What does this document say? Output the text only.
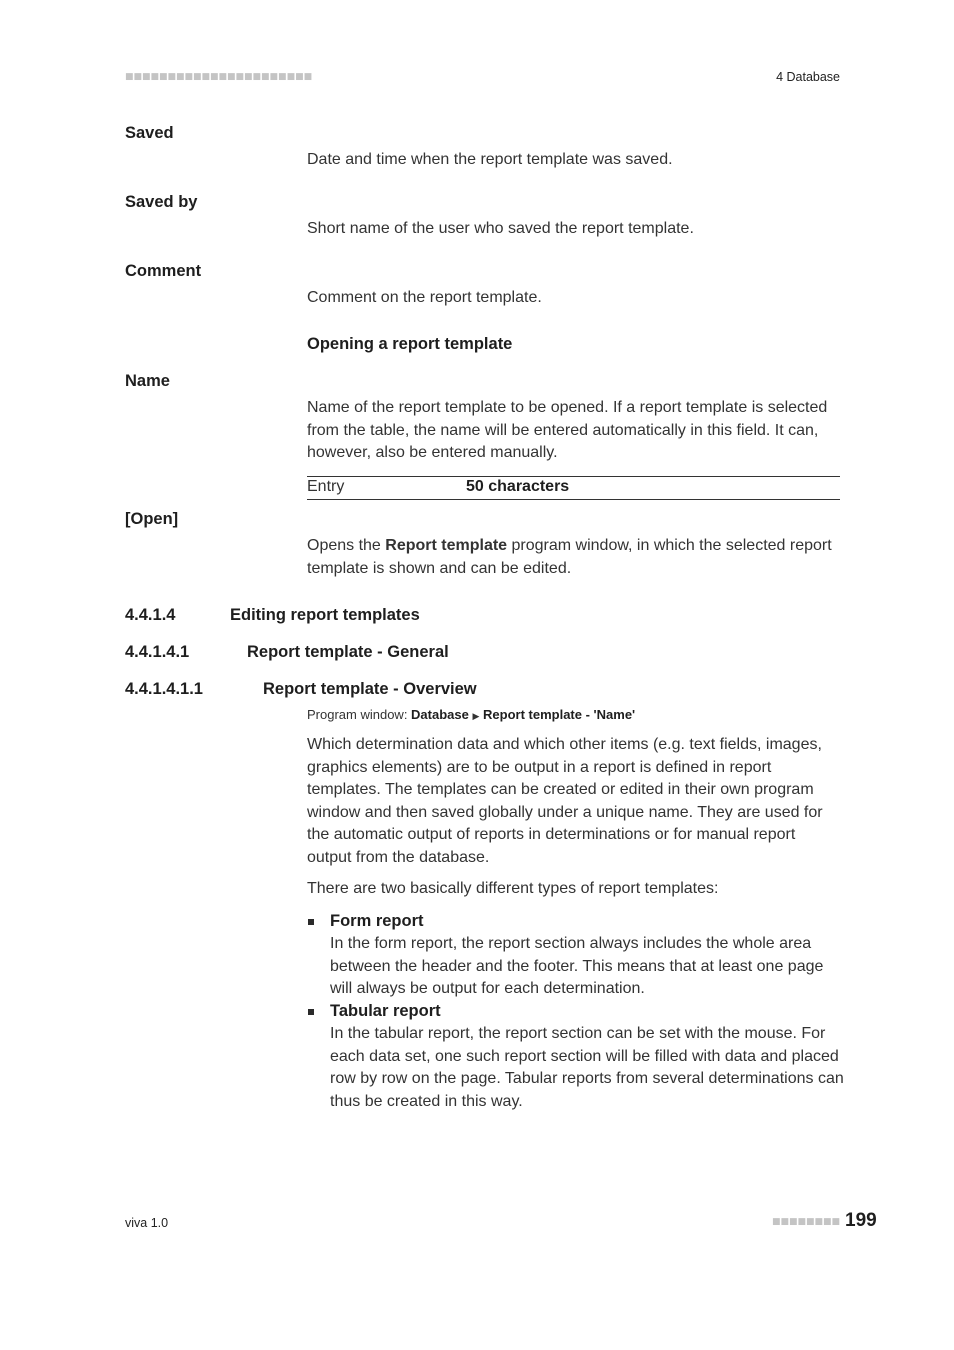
■■■■■■■■■■■■■■■■■■■■■■	4 Database
Saved
Date and time when the report template was saved.
Saved by
Short name of the user who saved the report template.
Comment
Comment on the report template.
Opening a report template
Name
Name of the report template to be opened. If a report template is selected from the table, the name will be entered automatically in this field. It can, however, also be entered manually.
Entry	50 characters
[Open]
Opens the Report template program window, in which the selected report template is shown and can be edited.
4.4.1.4	Editing report templates
4.4.1.4.1	Report template - General
4.4.1.4.1.1	Report template - Overview
Program window: Database ▶ Report template - 'Name'
Which determination data and which other items (e.g. text fields, images, graphics elements) are to be output in a report is defined in report templates. The templates can be created or edited in their own program window and then saved globally under a unique name. They are used for the automatic output of reports in determinations or for manual report output from the database.
There are two basically different types of report templates:
Form report
In the form report, the report section always includes the whole area between the header and the footer. This means that at least one page will always be output for each determination.
Tabular report
In the tabular report, the report section can be set with the mouse. For each data set, one such report section will be filled with data and placed row by row on the page. Tabular reports from several determinations can thus be created in this way.
viva 1.0	■■■■■■■■ 199
